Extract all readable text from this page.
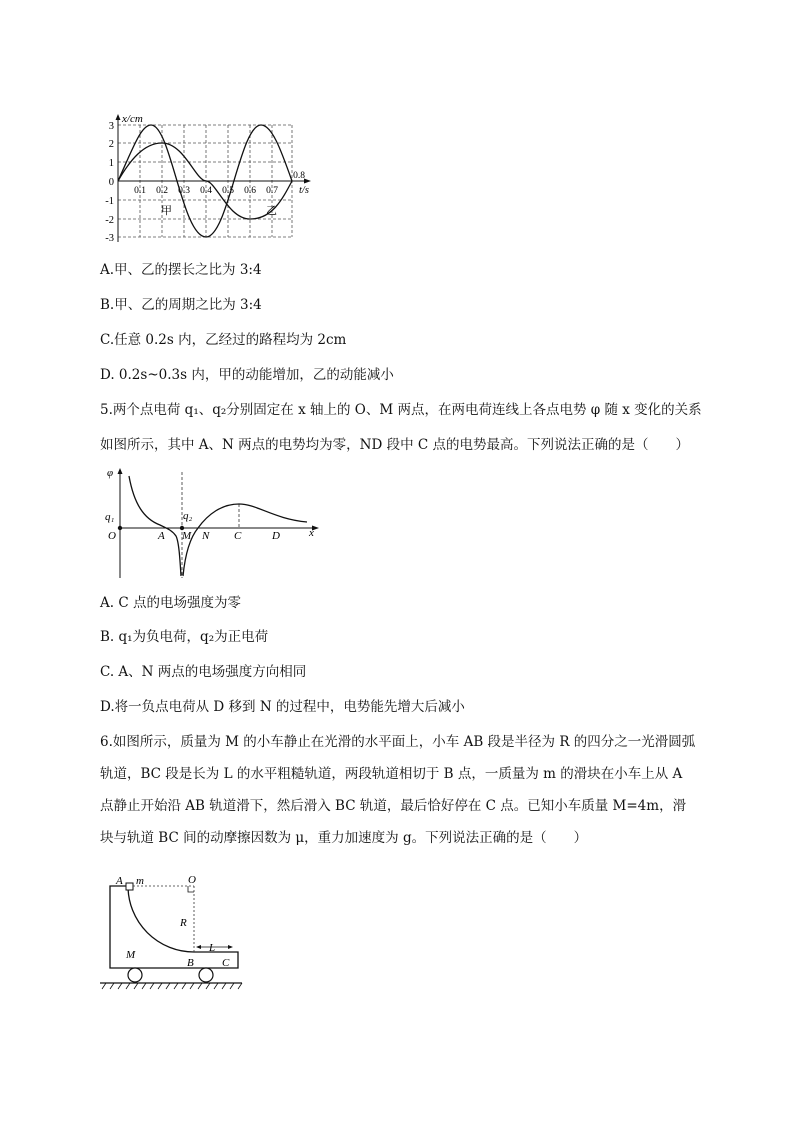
x/cm
3
2
1
0
-1
-2
-3
0.1 0.2 0.3 0.4 0.5 0.6 0.7
0.8
t/s
甲	乙
A.甲、乙的摆长之比为 3:4
B.甲、乙的周期之比为 3:4
C.任意 0.2s 内，乙经过的路程均为 2cm
D. 0.2s~0.3s 内，甲的动能增加，乙的动能减小
5.两个点电荷 q₁、q₂分别固定在 x 轴上的 O、M 两点，在两电荷连线上各点电势 φ 随 x 变化的关系
如图所示，其中 A、N 两点的电势均为零，ND 段中 C 点的电势最高。下列说法正确的是（　　）
φ
q₁	q₂
O	A M N C	D	x
A. C 点的电场强度为零
B. q₁为负电荷，q₂为正电荷
C. A、N 两点的电场强度方向相同
D.将一负点电荷从 D 移到 N 的过程中，电势能先增大后减小
6.如图所示，质量为 M 的小车静止在光滑的水平面上，小车 AB 段是半径为 R 的四分之一光滑圆弧轨道，BC 段是长为 L 的水平粗糙轨道，两段轨道相切于 B 点，一质量为 m 的滑块在小车上从 A 点静止开始沿 AB 轨道滑下，然后滑入 BC 轨道，最后恰好停在 C 点。已知小车质量 M=4m，滑块与轨道 BC 间的动摩擦因数为 μ，重力加速度为 g。下列说法正确的是（　　）
A m	O
R
L
M
B	C
